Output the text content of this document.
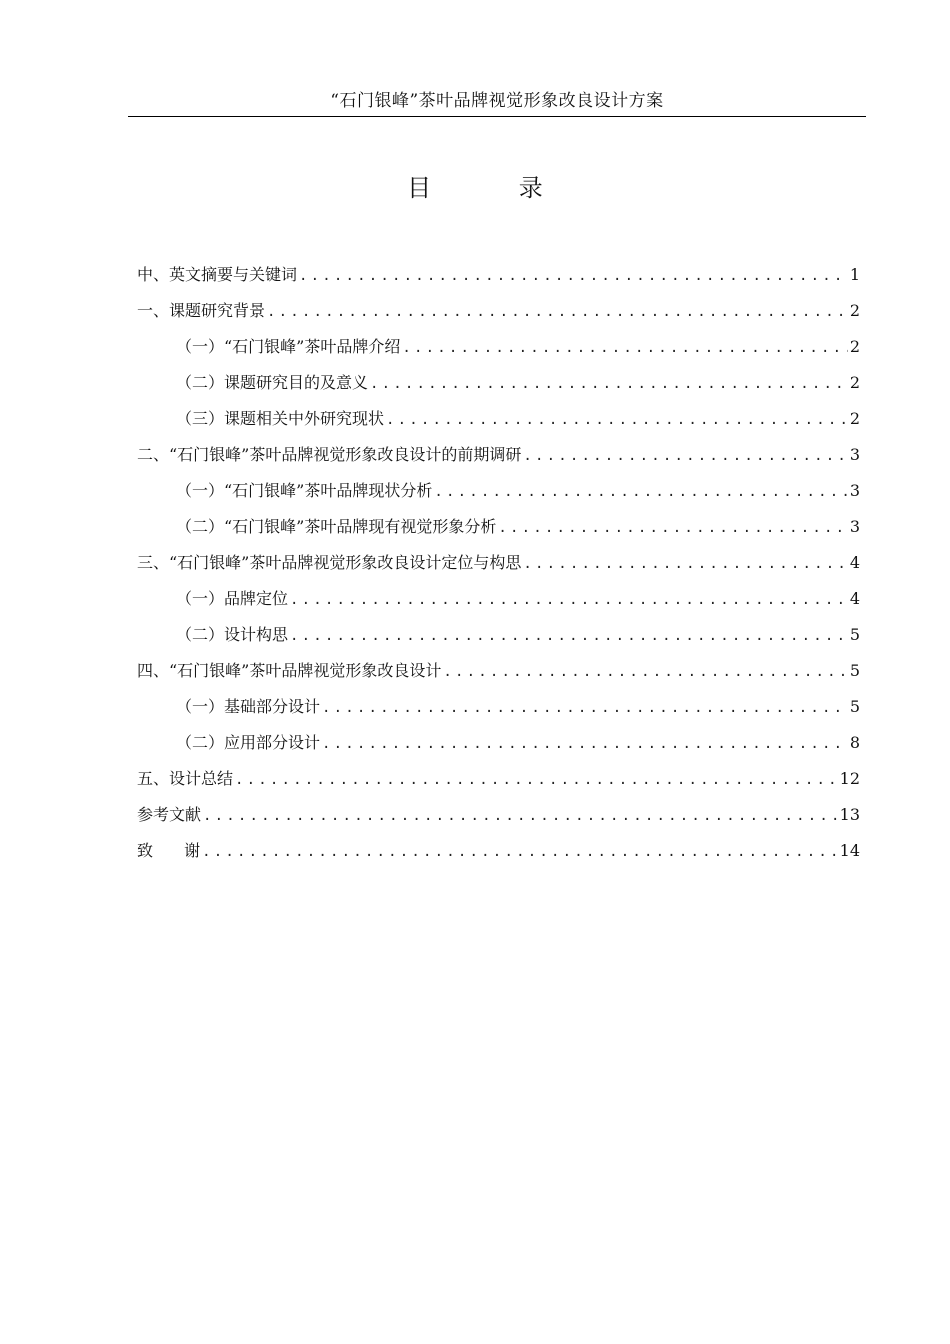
“石门银峰”茶叶品牌视觉形象改良设计方案
目 录
中、英文摘要与关键词 .....	1
一、课题研究背景 .....	2
（一）“石门银峰”茶叶品牌介绍 .....	2
（二）课题研究目的及意义 .....	2
（三）课题相关中外研究现状 .....	2
二、“石门银峰”茶叶品牌视觉形象改良设计的前期调研 .....	3
（一）“石门银峰”茶叶品牌现状分析 .....	3
（二）“石门银峰”茶叶品牌现有视觉形象分析 .....	3
三、“石门银峰”茶叶品牌视觉形象改良设计定位与构思 .....	4
（一）品牌定位 .....	4
（二）设计构思 .....	5
四、“石门银峰”茶叶品牌视觉形象改良设计 .....	5
（一）基础部分设计 .....	5
（二）应用部分设计 .....	8
五、设计总结 .....	12
参考文献 .....	13
致 谢 .....	14
